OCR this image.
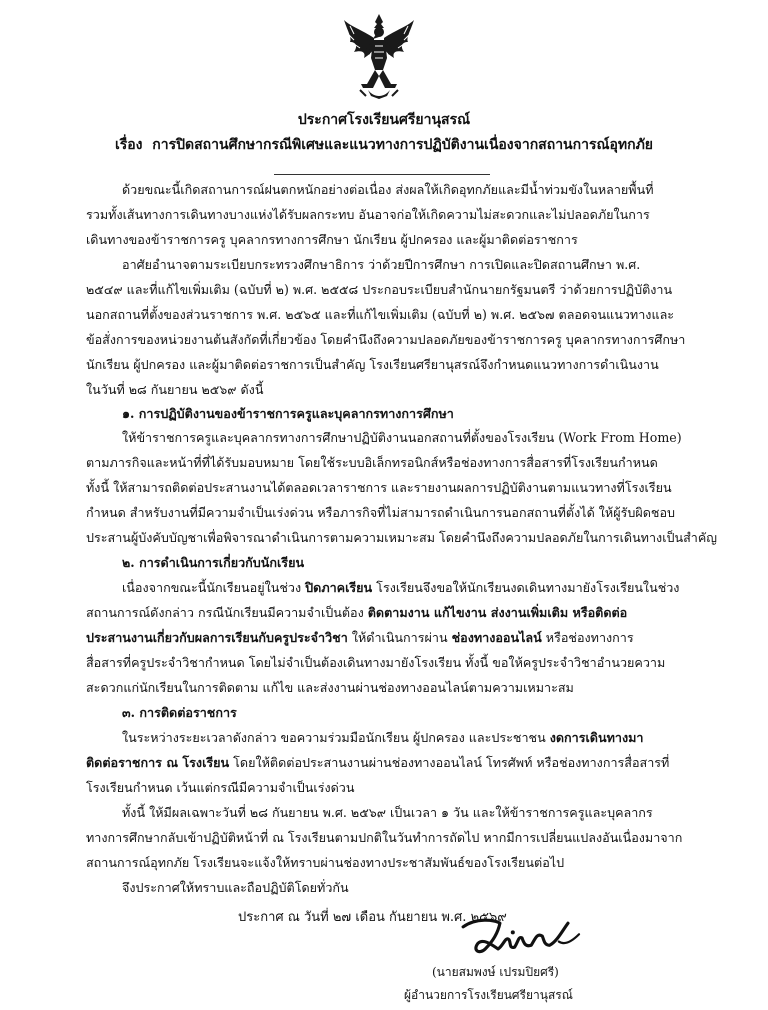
ประกาศโรงเรียนศรียานุสรณ์
เรื่อง การปิดสถานศึกษากรณีพิเศษและแนวทางการปฏิบัติงานเนื่องจากสถานการณ์อุทกภัย
ด้วยขณะนี้เกิดสถานการณ์ฝนตกหนักอย่างต่อเนื่อง ส่งผลให้เกิดอุทกภัยและมีน้ำท่วมขังในหลายพื้นที่
รวมทั้งเส้นทางการเดินทางบางแห่งได้รับผลกระทบ อันอาจก่อให้เกิดความไม่สะดวกและไม่ปลอดภัยในการ
เดินทางของข้าราชการครู บุคลากรทางการศึกษา นักเรียน ผู้ปกครอง และผู้มาติดต่อราชการ
อาศัยอำนาจตามระเบียบกระทรวงศึกษาธิการ ว่าด้วยปีการศึกษา การเปิดและปิดสถานศึกษา พ.ศ.
๒๕๔๙ และที่แก้ไขเพิ่มเติม (ฉบับที่ ๒) พ.ศ. ๒๕๕๘ ประกอบระเบียบสำนักนายกรัฐมนตรี ว่าด้วยการปฏิบัติงาน
นอกสถานที่ตั้งของส่วนราชการ พ.ศ. ๒๕๖๕ และที่แก้ไขเพิ่มเติม (ฉบับที่ ๒) พ.ศ. ๒๕๖๗ ตลอดจนแนวทางและ
ข้อสั่งการของหน่วยงานต้นสังกัดที่เกี่ยวข้อง โดยคำนึงถึงความปลอดภัยของข้าราชการครู บุคลากรทางการศึกษา
นักเรียน ผู้ปกครอง และผู้มาติดต่อราชการเป็นสำคัญ โรงเรียนศรียานุสรณ์จึงกำหนดแนวทางการดำเนินงาน
ในวันที่ ๒๘ กันยายน ๒๕๖๙ ดังนี้
๑. การปฏิบัติงานของข้าราชการครูและบุคลากรทางการศึกษา
ให้ข้าราชการครูและบุคลากรทางการศึกษาปฏิบัติงานนอกสถานที่ตั้งของโรงเรียน (Work From Home)
ตามภารกิจและหน้าที่ที่ได้รับมอบหมาย โดยใช้ระบบอิเล็กทรอนิกส์หรือช่องทางการสื่อสารที่โรงเรียนกำหนด
ทั้งนี้ ให้สามารถติดต่อประสานงานได้ตลอดเวลาราชการ และรายงานผลการปฏิบัติงานตามแนวทางที่โรงเรียน
กำหนด สำหรับงานที่มีความจำเป็นเร่งด่วน หรือภารกิจที่ไม่สามารถดำเนินการนอกสถานที่ตั้งได้ ให้ผู้รับผิดชอบ
ประสานผู้บังคับบัญชาเพื่อพิจารณาดำเนินการตามความเหมาะสม โดยคำนึงถึงความปลอดภัยในการเดินทางเป็นสำคัญ
๒. การดำเนินการเกี่ยวกับนักเรียน
เนื่องจากขณะนี้นักเรียนอยู่ในช่วง ปิดภาคเรียน โรงเรียนจึงขอให้นักเรียนงดเดินทางมายังโรงเรียนในช่วง
สถานการณ์ดังกล่าว กรณีนักเรียนมีความจำเป็นต้อง ติดตามงาน แก้ไขงาน ส่งงานเพิ่มเติม หรือติดต่อ
ประสานงานเกี่ยวกับผลการเรียนกับครูประจำวิชา ให้ดำเนินการผ่าน ช่องทางออนไลน์ หรือช่องทางการ
สื่อสารที่ครูประจำวิชากำหนด โดยไม่จำเป็นต้องเดินทางมายังโรงเรียน ทั้งนี้ ขอให้ครูประจำวิชาอำนวยความ
สะดวกแก่นักเรียนในการติดตาม แก้ไข และส่งงานผ่านช่องทางออนไลน์ตามความเหมาะสม
๓. การติดต่อราชการ
ในระหว่างระยะเวลาดังกล่าว ขอความร่วมมือนักเรียน ผู้ปกครอง และประชาชน งดการเดินทางมา
ติดต่อราชการ ณ โรงเรียน โดยให้ติดต่อประสานงานผ่านช่องทางออนไลน์ โทรศัพท์ หรือช่องทางการสื่อสารที่
โรงเรียนกำหนด เว้นแต่กรณีมีความจำเป็นเร่งด่วน
ทั้งนี้ ให้มีผลเฉพาะวันที่ ๒๘ กันยายน พ.ศ. ๒๕๖๙ เป็นเวลา ๑ วัน และให้ข้าราชการครูและบุคลากร
ทางการศึกษากลับเข้าปฏิบัติหน้าที่ ณ โรงเรียนตามปกติในวันทำการถัดไป หากมีการเปลี่ยนแปลงอันเนื่องมาจาก
สถานการณ์อุทกภัย โรงเรียนจะแจ้งให้ทราบผ่านช่องทางประชาสัมพันธ์ของโรงเรียนต่อไป
จึงประกาศให้ทราบและถือปฏิบัติโดยทั่วกัน
ประกาศ ณ วันที่ ๒๗ เดือน กันยายน พ.ศ. ๒๕๖๙
(นายสมพงษ์ เปรมปิยศรี)
ผู้อำนวยการโรงเรียนศรียานุสรณ์
